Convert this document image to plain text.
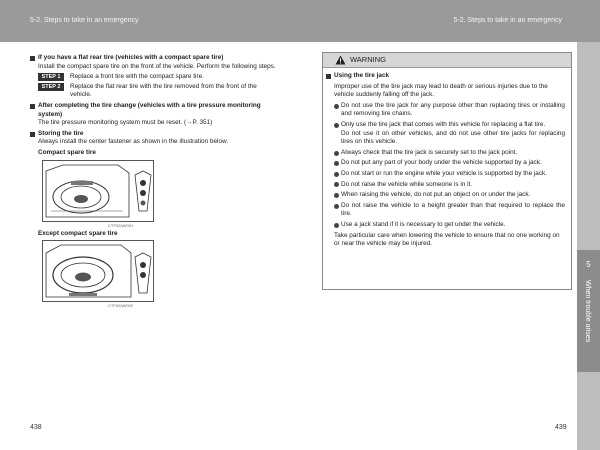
5-2. Steps to take in an emergency	5-2. Steps to take in an emergency
5
When trouble arises
If you have a flat rear tire (vehicles with a compact spare tire)
Install the compact spare tire on the front of the vehicle. Perform the following steps.
STEP 1	Replace a front tire with the compact spare tire.
STEP 2	Replace the flat rear tire with the tire removed from the front of the vehicle.
After completing the tire change (vehicles with a tire pressure monitoring system)
The tire pressure monitoring system must be reset. (→P. 351)
Storing the tire
Always install the center fastener as shown in the illustration below.
Compact spare tire
CTF52AW001
Except compact spare tire
CTF52AW002
WARNING
Using the tire jack
Improper use of the tire jack may lead to death or serious injuries due to the vehicle suddenly falling off the jack.
Do not use the tire jack for any purpose other than replacing tires or installing and removing tire chains.
Only use the tire jack that comes with this vehicle for replacing a flat tire.
Do not use it on other vehicles, and do not use other tire jacks for replacing tires on this vehicle.
Always check that the tire jack is securely set to the jack point.
Do not put any part of your body under the vehicle supported by a jack.
Do not start or run the engine while your vehicle is supported by the jack.
Do not raise the vehicle while someone is in it.
When raising the vehicle, do not put an object on or under the jack.
Do not raise the vehicle to a height greater than that required to replace the tire.
Use a jack stand if it is necessary to get under the vehicle.
Take particular care when lowering the vehicle to ensure that no one working on or near the vehicle may be injured.
438	439
